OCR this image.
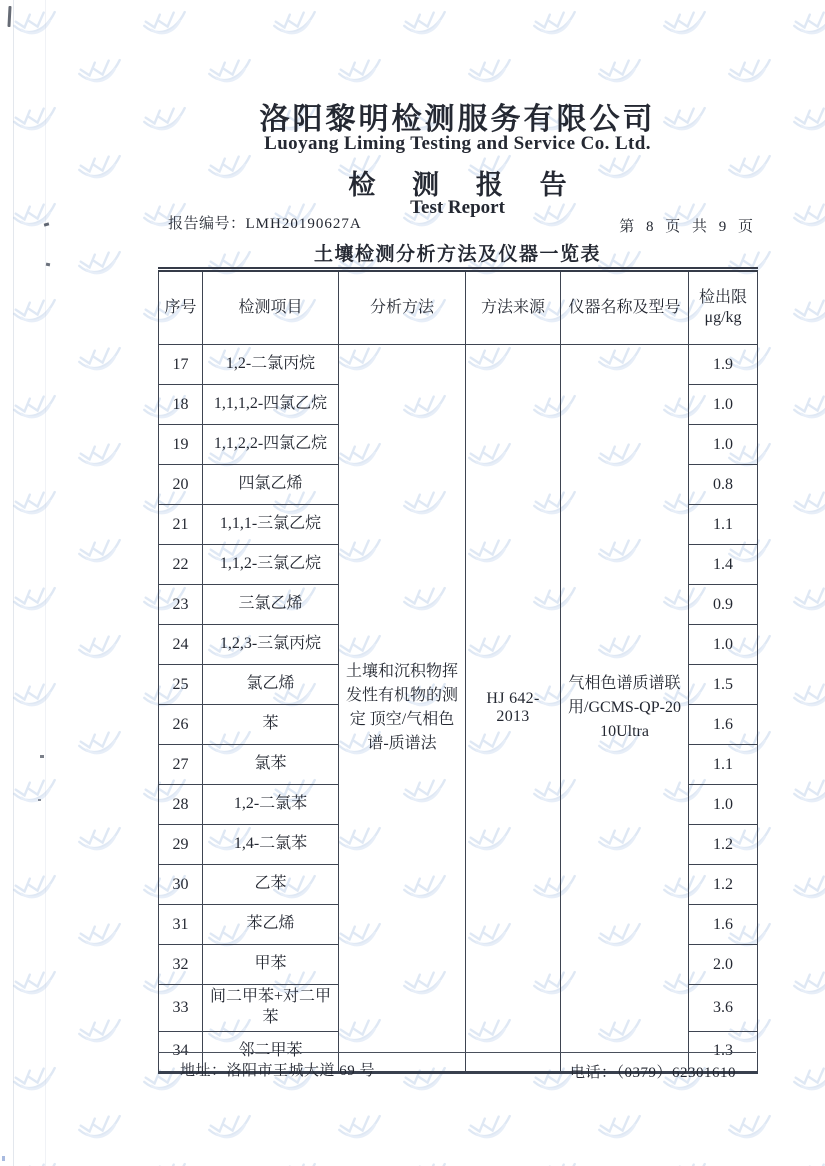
洛阳黎明检测服务有限公司
Luoyang Liming Testing and Service Co. Ltd.
检 测 报 告
Test Report
报告编号：LMH20190627A	第 8 页 共 9 页
土壤检测分析方法及仪器一览表
序号	检测项目	分析方法	方法来源	仪器名称及型号	检出限
μg/kg

17	1,2-二氯丙烷	土壤和沉积物挥发性有机物的测定 顶空/气相色谱-质谱法	HJ 642-2013	气相色谱质谱联用/GCMS-QP-2010Ultra	1.9
18	1,1,1,2-四氯乙烷				1.0
19	1,1,2,2-四氯乙烷				1.0
20	四氯乙烯				0.8
21	1,1,1-三氯乙烷				1.1
22	1,1,2-三氯乙烷				1.4
23	三氯乙烯				0.9
24	1,2,3-三氯丙烷				1.0
25	氯乙烯				1.5
26	苯				1.6
27	氯苯				1.1
28	1,2-二氯苯				1.0
29	1,4-二氯苯				1.2
30	乙苯				1.2
31	苯乙烯				1.6
32	甲苯				2.0
33	间二甲苯+对二甲苯				3.6
34	邻二甲苯				1.3
地址：洛阳市王城大道 69 号	电话：（0379）62301610
